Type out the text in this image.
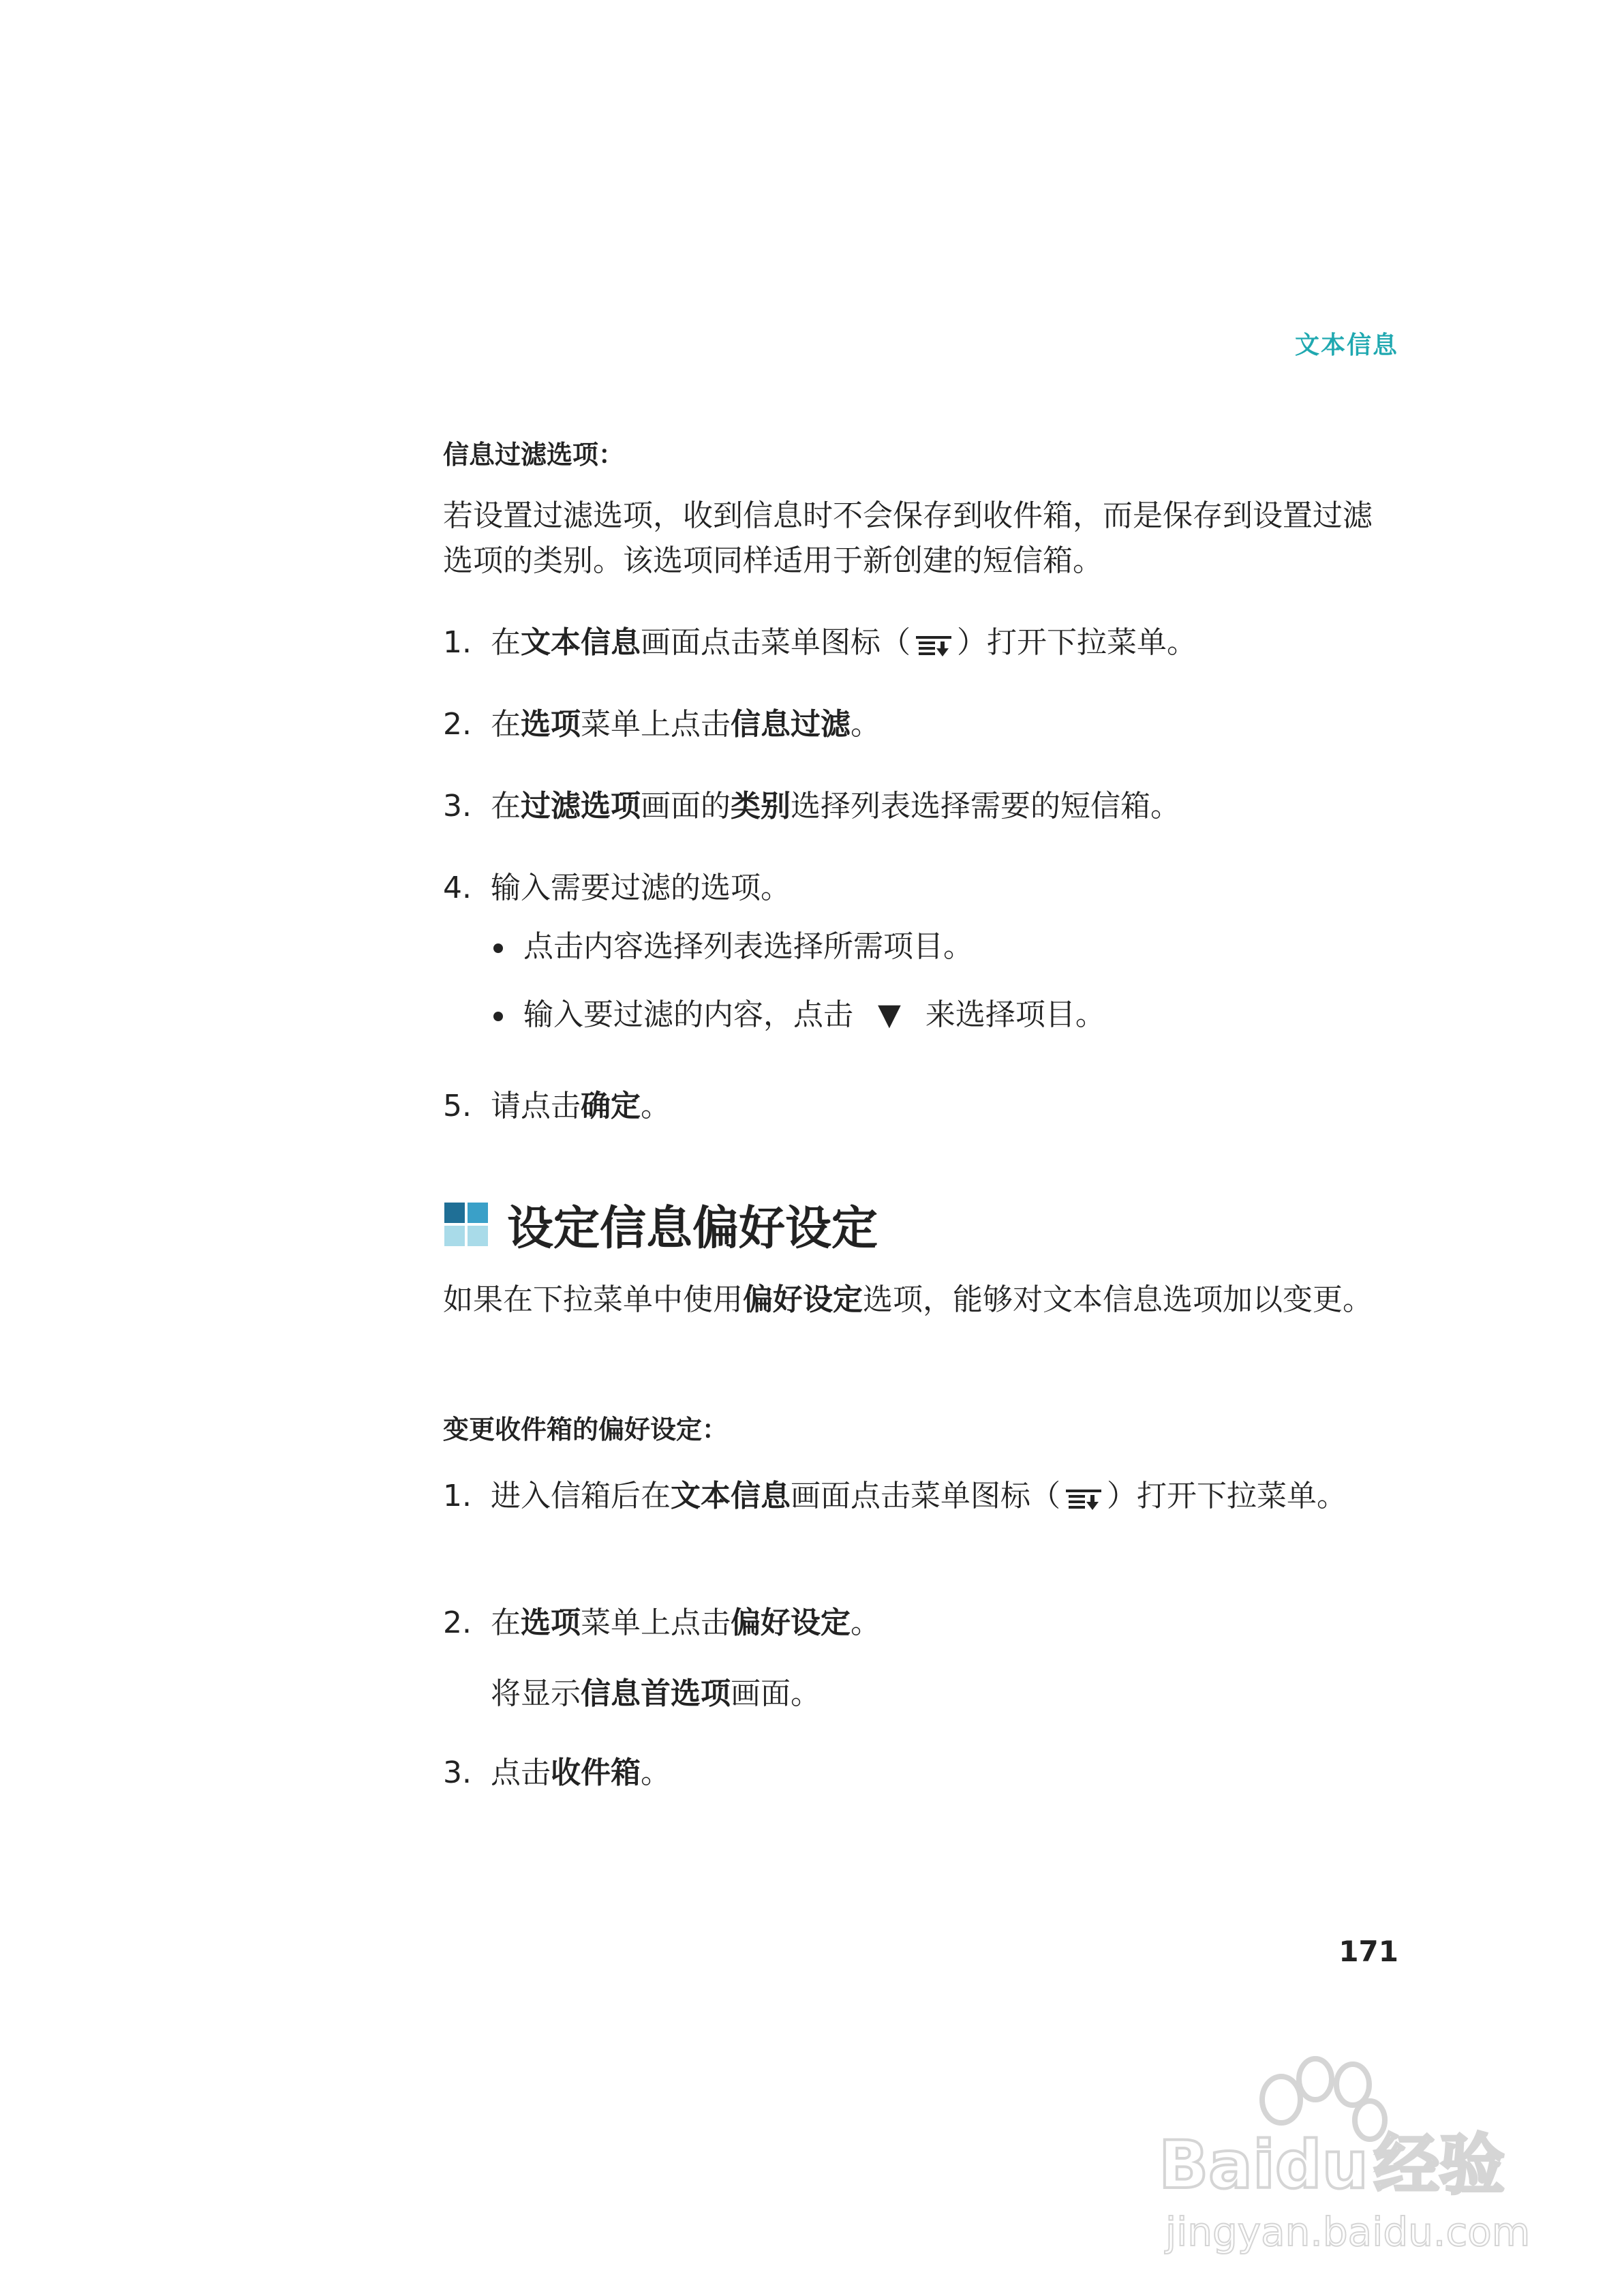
文本信息
信息过滤选项：
若设置过滤选项，收到信息时不会保存到收件箱，而是保存到设置过滤选项的类别。该选项同样适用于新创建的短信箱。
1. 在文本信息画面点击菜单图标（ ）打开下拉菜单。
2. 在选项菜单上点击信息过滤。
3. 在过滤选项画面的类别选择列表选择需要的短信箱。
4. 输入需要过滤的选项。
点击内容选择列表选择所需项目。
输入要过滤的内容，点击 ▼ 来选择项目。
5. 请点击确定。
设定信息偏好设定
如果在下拉菜单中使用偏好设定选项，能够对文本信息选项加以变更。
变更收件箱的偏好设定：
1. 进入信箱后在文本信息画面点击菜单图标（ ）打开下拉菜单。
2. 在选项菜单上点击偏好设定。
将显示信息首选项画面。
3. 点击收件箱。
171
Baidu经验
jingyan.baidu.com
